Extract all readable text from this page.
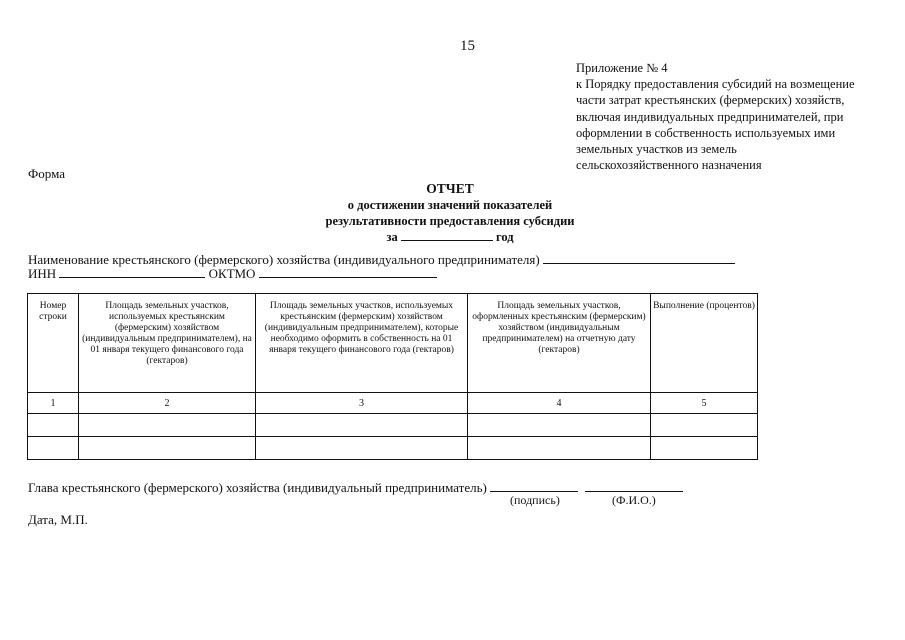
15
Приложение № 4
к Порядку предоставления субсидий на возмещение
части затрат крестьянских (фермерских) хозяйств,
включая индивидуальных предпринимателей, при
оформлении в собственность используемых ими
земельных участков из земель
сельскохозяйственного назначения
Форма
ОТЧЕТ
о достижении значений показателей
результативности предоставления субсидии
за	год
Наименование крестьянского (фермерского) хозяйства (индивидуального предпринимателя)
ИНН	ОКТМО
Номер строки	Площадь земельных участков, используемых крестьянским (фермерским) хозяйством (индивидуальным предпринимателем), на 01 января текущего финансового года (гектаров)	Площадь земельных участков, используемых крестьянским (фермерским) хозяйством (индивидуальным предпринимателем), которые необходимо оформить в собственность на 01 января текущего финансового года (гектаров)	Площадь земельных участков, оформленных крестьянским (фермерским) хозяйством (индивидуальным предпринимателем) на отчетную дату (гектаров)	Выполнение (процентов)
1	2	3	4	5

Глава крестьянского (фермерского) хозяйства (индивидуальный предприниматель)
(подпись)	(Ф.И.О.)
Дата, М.П.
